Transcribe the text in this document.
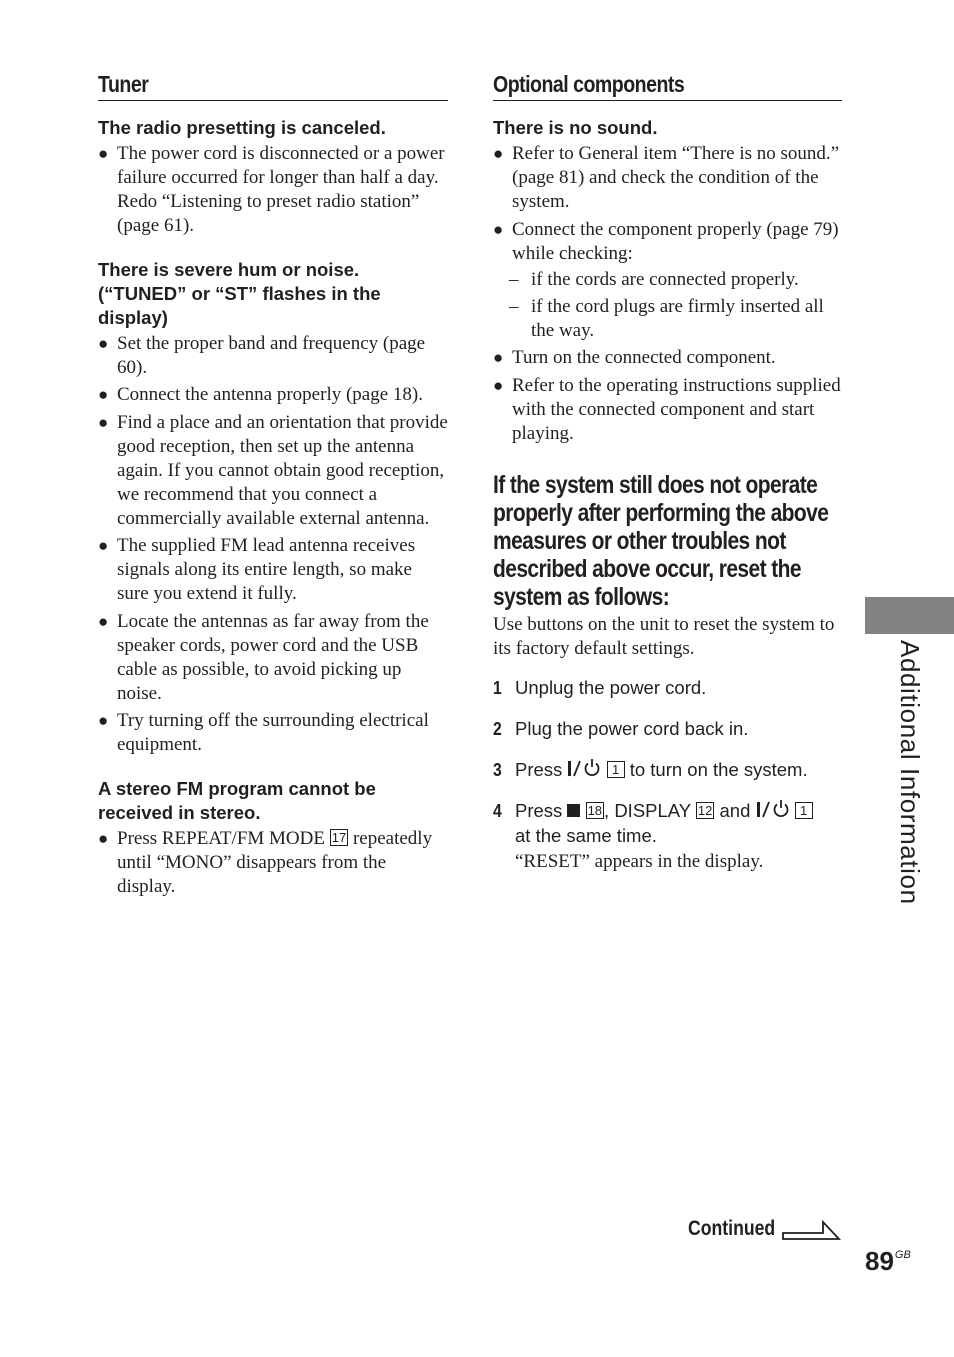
Tuner

The radio presetting is canceled.

● The power cord is disconnected or a power failure occurred for longer than half a day. Redo “Listening to preset radio station” (page 61).

There is severe hum or noise. (“TUNED” or “ST” flashes in the display)

● Set the proper band and frequency (page 60).
● Connect the antenna properly (page 18).
● Find a place and an orientation that provide good reception, then set up the antenna again. If you cannot obtain good reception, we recommend that you connect a commercially available external antenna.
● The supplied FM lead antenna receives signals along its entire length, so make sure you extend it fully.
● Locate the antennas as far away from the speaker cords, power cord and the USB cable as possible, to avoid picking up noise.
● Try turning off the surrounding electrical equipment.

A stereo FM program cannot be received in stereo.

● Press REPEAT/FM MODE 17 repeatedly until “MONO” disappears from the display.
Optional components

There is no sound.

● Refer to General item “There is no sound.” (page 81) and check the condition of the system.
● Connect the component properly (page 79) while checking:
– if the cords are connected properly.
– if the cord plugs are firmly inserted all the way.
● Turn on the connected component.
● Refer to the operating instructions supplied with the connected component and start playing.

If the system still does not operate properly after performing the above measures or other troubles not described above occur, reset the system as follows:

Use buttons on the unit to reset the system to its factory default settings.

1 Unplug the power cord.
2 Plug the power cord back in.
3 Press	1 to turn on the system.
4 Press 18 , DISPLAY 12 and	1
at the same time.
“RESET” appears in the display.	Additional Information
Continued
$89^{GB}$
